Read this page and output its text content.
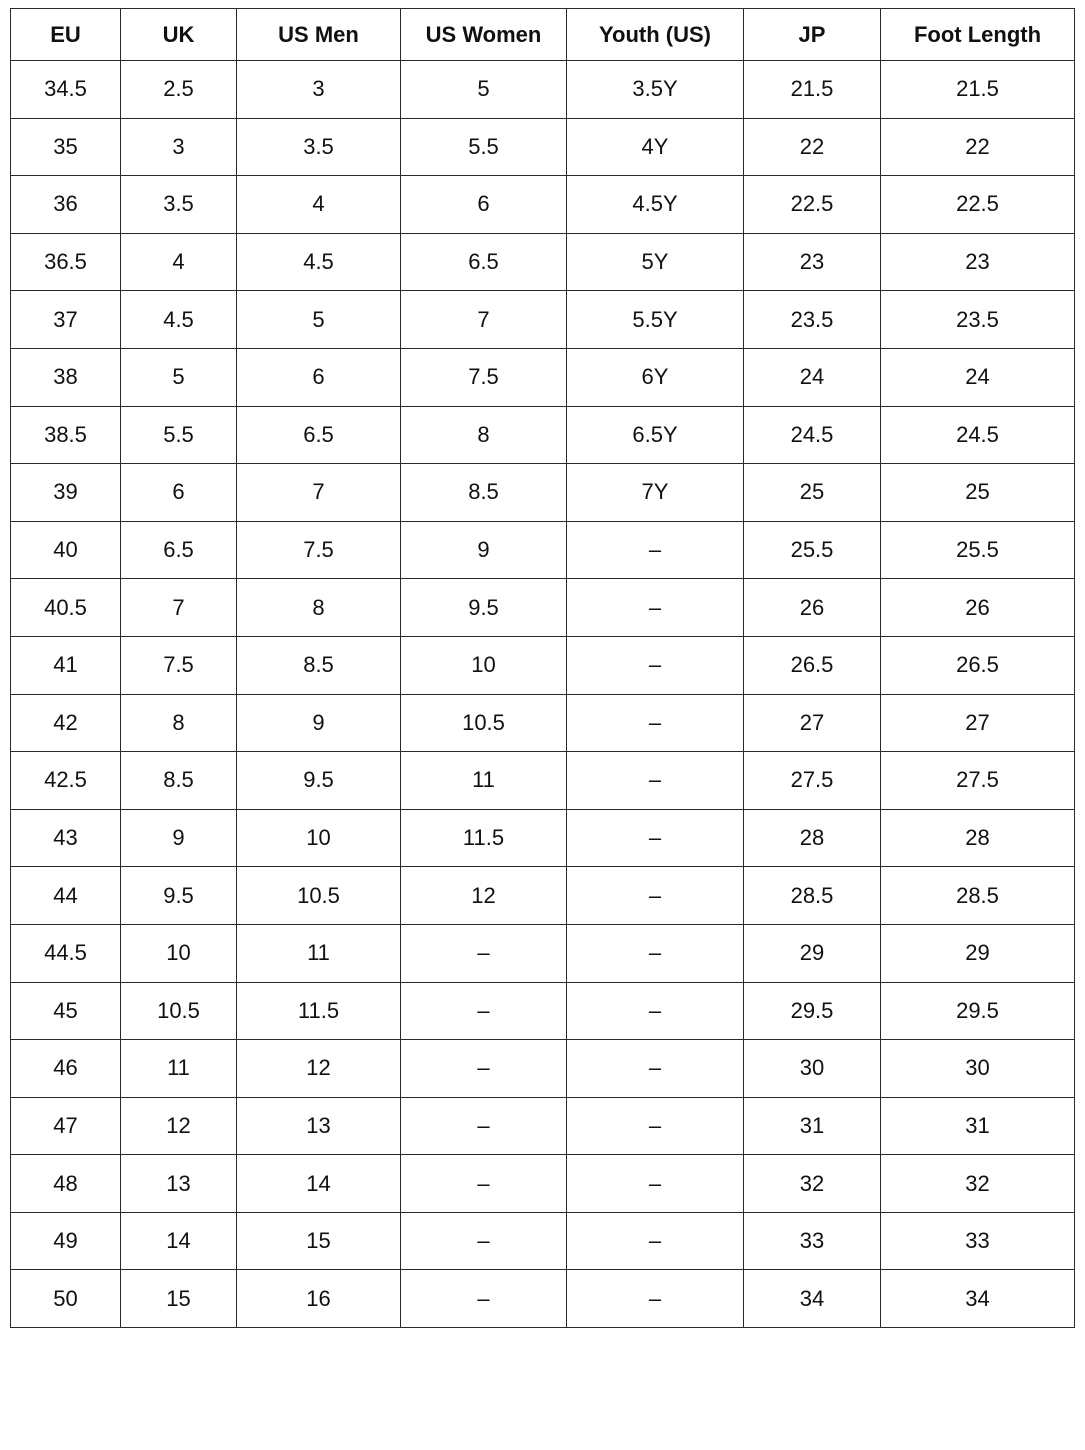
EU	UK	US Men	US Women	Youth (US)	JP	Foot Length
34.5	2.5	3	5	3.5Y	21.5	21.5
35	3	3.5	5.5	4Y	22	22
36	3.5	4	6	4.5Y	22.5	22.5
36.5	4	4.5	6.5	5Y	23	23
37	4.5	5	7	5.5Y	23.5	23.5
38	5	6	7.5	6Y	24	24
38.5	5.5	6.5	8	6.5Y	24.5	24.5
39	6	7	8.5	7Y	25	25
40	6.5	7.5	9	–	25.5	25.5
40.5	7	8	9.5	–	26	26
41	7.5	8.5	10	–	26.5	26.5
42	8	9	10.5	–	27	27
42.5	8.5	9.5	11	–	27.5	27.5
43	9	10	11.5	–	28	28
44	9.5	10.5	12	–	28.5	28.5
44.5	10	11	–	–	29	29
45	10.5	11.5	–	–	29.5	29.5
46	11	12	–	–	30	30
47	12	13	–	–	31	31
48	13	14	–	–	32	32
49	14	15	–	–	33	33
50	15	16	–	–	34	34
